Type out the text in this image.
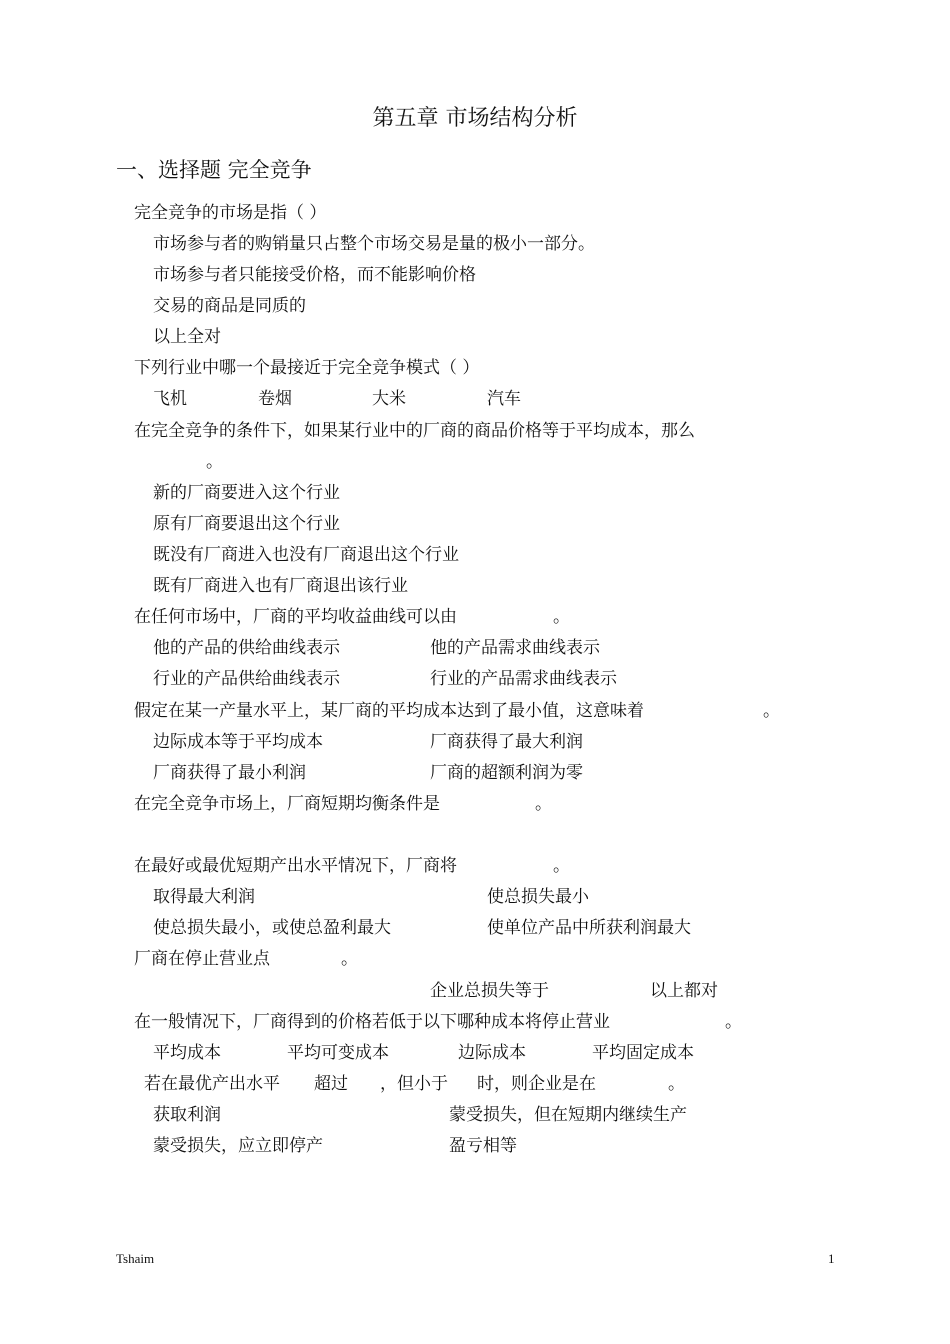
第五章 市场结构分析
一、选择题 完全竞争
完全竞争的市场是指（ ）
市场参与者的购销量只占整个市场交易是量的极小一部分。
市场参与者只能接受价格，而不能影响价格
交易的商品是同质的
以上全对
下列行业中哪一个最接近于完全竞争模式（ ）
飞机	卷烟	大米	汽车
在完全竞争的条件下，如果某行业中的厂商的商品价格等于平均成本，那么
。
新的厂商要进入这个行业
原有厂商要退出这个行业
既没有厂商进入也没有厂商退出这个行业
既有厂商进入也有厂商退出该行业
在任何市场中，厂商的平均收益曲线可以由	。
他的产品的供给曲线表示	他的产品需求曲线表示
行业的产品供给曲线表示	行业的产品需求曲线表示
假定在某一产量水平上，某厂商的平均成本达到了最小值，这意味着	。
边际成本等于平均成本	厂商获得了最大利润
厂商获得了最小利润	厂商的超额利润为零
在完全竞争市场上，厂商短期均衡条件是	。
在最好或最优短期产出水平情况下，厂商将	。
取得最大利润	使总损失最小
使总损失最小，或使总盈利最大	使单位产品中所获利润最大
厂商在停止营业点	。
企业总损失等于	以上都对
在一般情况下，厂商得到的价格若低于以下哪种成本将停止营业	。
平均成本	平均可变成本	边际成本	平均固定成本
若在最优产出水平 超过 ，但小于 时，则企业是在	。
获取利润	蒙受损失，但在短期内继续生产
蒙受损失，应立即停产	盈亏相等
Tshaim	1
